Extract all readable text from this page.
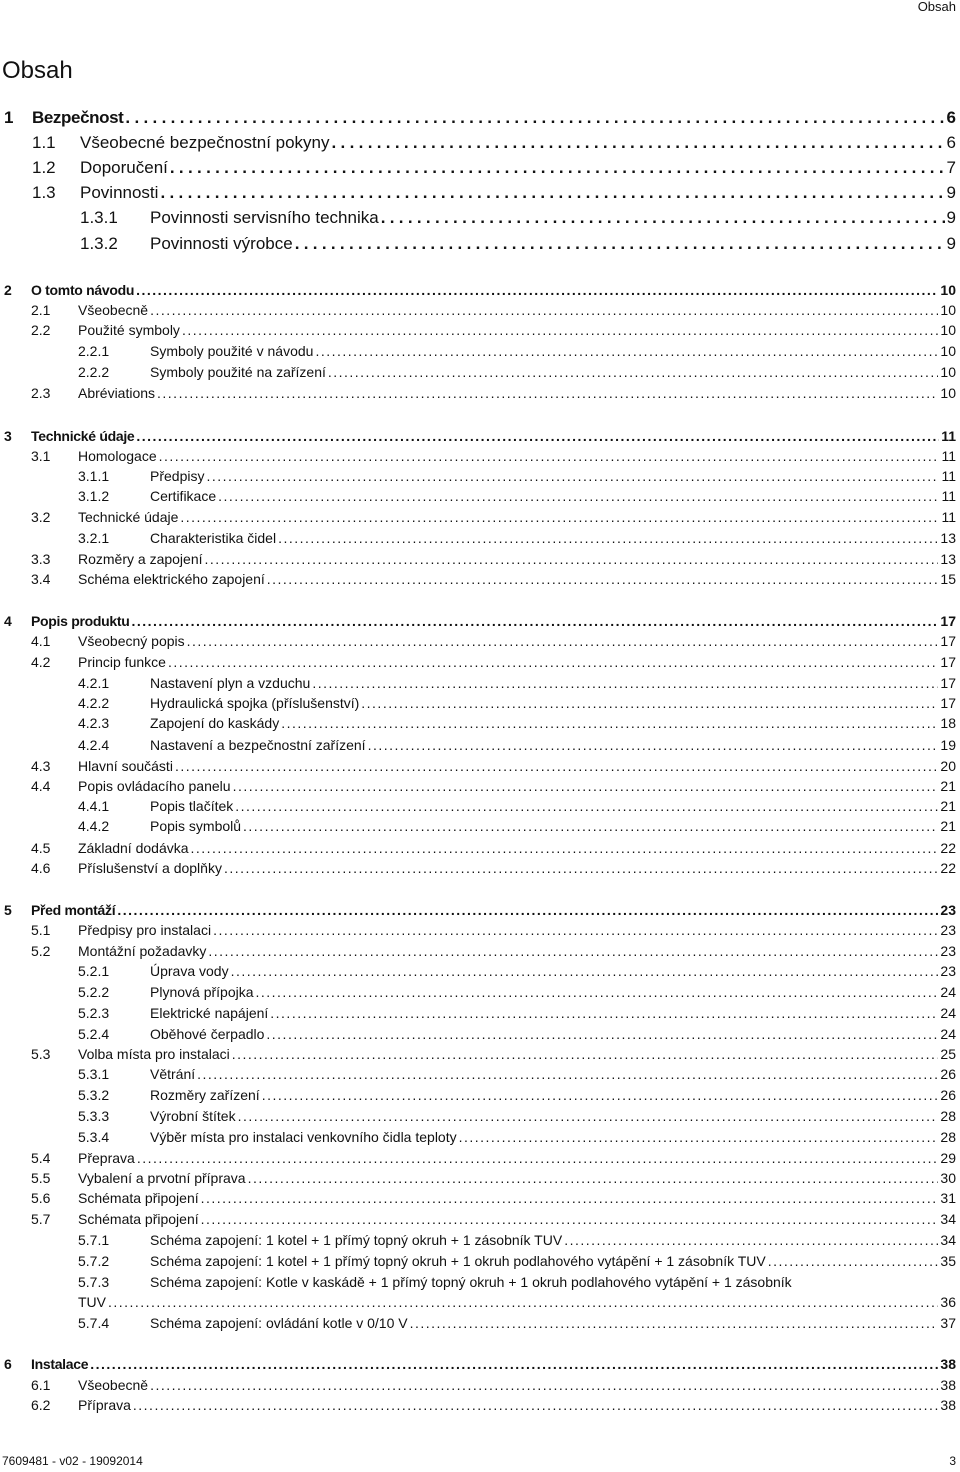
Obsah
Obsah
1	Bezpečnost . . .	6
1.1	Všeobecné bezpečnostní pokyny . . .	6
1.2	Doporučení . . .	7
1.3	Povinnosti . . .	9
1.3.1	Povinnosti servisního technika . . .	9
1.3.2	Povinnosti výrobce . . .	9
2	O tomto návodu . . .	10
2.1	Všeobecně . . .	10
2.2	Použité symboly . . .	10
2.2.1	Symboly použité v návodu . . .	10
2.2.2	Symboly použité na zařízení . . .	10
2.3	Abréviations . . .	10
3	Technické údaje . . .	11
3.1	Homologace . . .	11
3.1.1	Předpisy . . .	11
3.1.2	Certifikace . . .	11
3.2	Technické údaje . . .	11
3.2.1	Charakteristika čidel . . .	13
3.3	Rozměry a zapojení . . .	13
3.4	Schéma elektrického zapojení . . .	15
4	Popis produktu . . .	17
4.1	Všeobecný popis . . .	17
4.2	Princip funkce . . .	17
4.2.1	Nastavení plyn a vzduchu . . .	17
4.2.2	Hydraulická spojka (příslušenství) . . .	17
4.2.3	Zapojení do kaskády . . .	18
4.2.4	Nastavení a bezpečnostní zařízení . . .	19
4.3	Hlavní součásti . . .	20
4.4	Popis ovládacího panelu . . .	21
4.4.1	Popis tlačítek . . .	21
4.4.2	Popis symbolů . . .	21
4.5	Základní dodávka . . .	22
4.6	Příslušenství a doplňky . . .	22
5	Před montáží . . .	23
5.1	Předpisy pro instalaci . . .	23
5.2	Montážní požadavky . . .	23
5.2.1	Úprava vody . . .	23
5.2.2	Plynová přípojka . . .	24
5.2.3	Elektrické napájení . . .	24
5.2.4	Oběhové čerpadlo . . .	24
5.3	Volba místa pro instalaci . . .	25
5.3.1	Větrání . . .	26
5.3.2	Rozměry zařízení . . .	26
5.3.3	Výrobní štítek . . .	28
5.3.4	Výběr místa pro instalaci venkovního čidla teploty . . .	28
5.4	Přeprava . . .	29
5.5	Vybalení a prvotní příprava . . .	30
5.6	Schémata připojení . . .	31
5.7	Schémata připojení . . .	34
5.7.1	Schéma zapojení: 1 kotel + 1 přímý topný okruh + 1 zásobník TUV . . .	34
5.7.2	Schéma zapojení: 1 kotel + 1 přímý topný okruh + 1 okruh podlahového vytápění + 1 zásobník TUV . . .	35
5.7.3	Schéma zapojení: Kotle v kaskádě + 1 přímý topný okruh + 1 okruh podlahového vytápění + 1 zásobník
TUV . . .	36
5.7.4	Schéma zapojení: ovládání kotle v 0/10 V . . .	37
6	Instalace . . .	38
6.1	Všeobecně . . .	38
6.2	Příprava . . .	38
7609481 - v02 - 19092014	3
